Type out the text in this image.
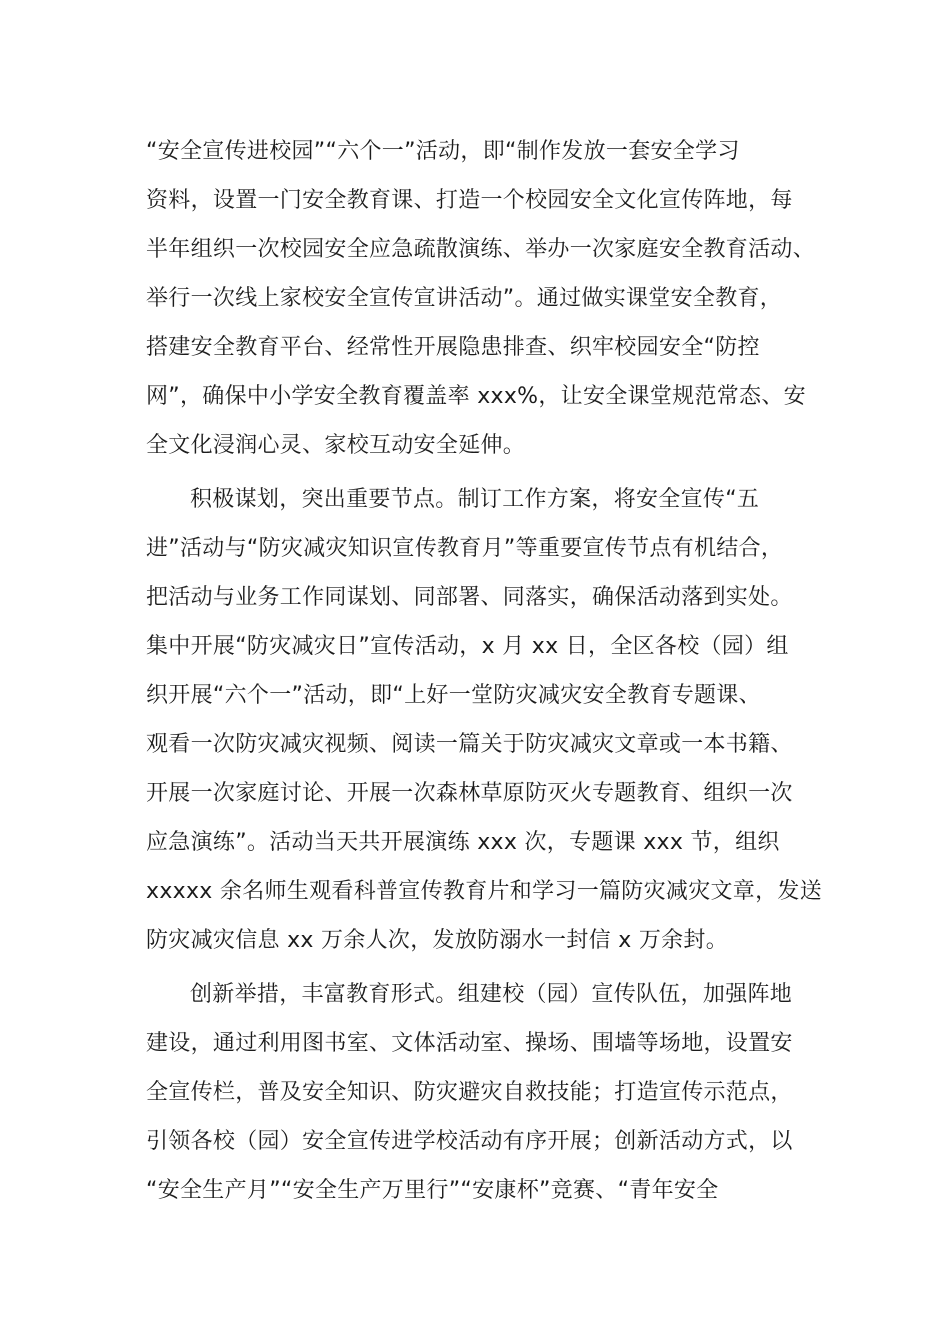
“安全宣传进校园”“六个一”活动，即“制作发放一套安全学习
资料，设置一门安全教育课、打造一个校园安全文化宣传阵地，每
半年组织一次校园安全应急疏散演练、举办一次家庭安全教育活动、
举行一次线上家校安全宣传宣讲活动”。通过做实课堂安全教育，
搭建安全教育平台、经常性开展隐患排查、织牢校园安全“防控
网”，确保中小学安全教育覆盖率 xxx%，让安全课堂规范常态、安
全文化浸润心灵、家校互动安全延伸。
积极谋划，突出重要节点。制订工作方案，将安全宣传“五
进”活动与“防灾减灾知识宣传教育月”等重要宣传节点有机结合，
把活动与业务工作同谋划、同部署、同落实，确保活动落到实处。
集中开展“防灾减灾日”宣传活动，x 月 xx 日，全区各校（园）组
织开展“六个一”活动，即“上好一堂防灾减灾安全教育专题课、
观看一次防灾减灾视频、阅读一篇关于防灾减灾文章或一本书籍、
开展一次家庭讨论、开展一次森林草原防灭火专题教育、组织一次
应急演练”。活动当天共开展演练 xxx 次，专题课 xxx 节，组织
xxxxx 余名师生观看科普宣传教育片和学习一篇防灾减灾文章，发送
防灾减灾信息 xx 万余人次，发放防溺水一封信 x 万余封。
创新举措，丰富教育形式。组建校（园）宣传队伍，加强阵地
建设，通过利用图书室、文体活动室、操场、围墙等场地，设置安
全宣传栏，普及安全知识、防灾避灾自救技能；打造宣传示范点，
引领各校（园）安全宣传进学校活动有序开展；创新活动方式，以
“安全生产月”“安全生产万里行”“安康杯”竞赛、“青年安全
